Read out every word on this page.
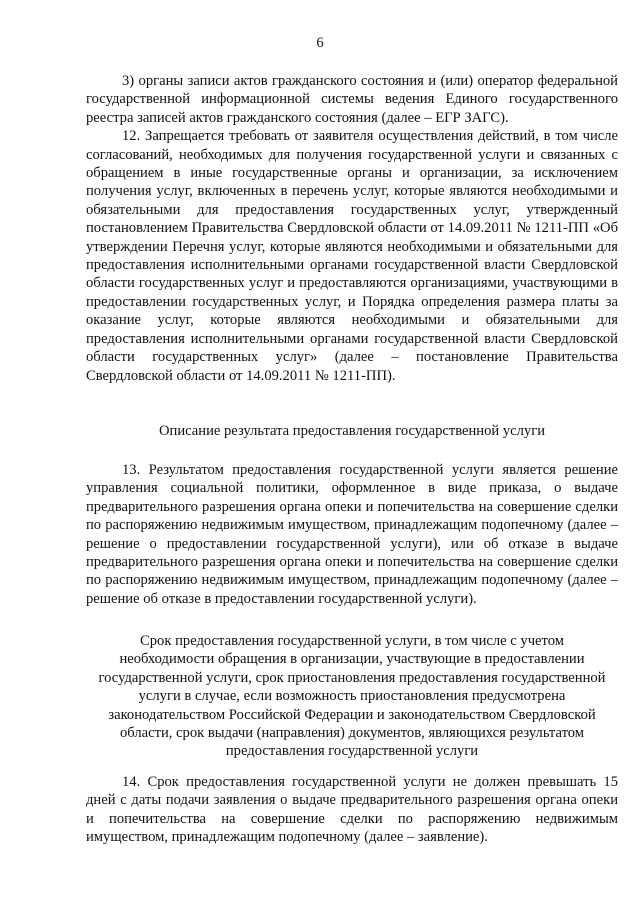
6

3) органы записи актов гражданского состояния и (или) оператор федеральной государственной информационной системы ведения Единого государственного реестра записей актов гражданского состояния (далее – ЕГР ЗАГС).

12. Запрещается требовать от заявителя осуществления действий, в том числе согласований, необходимых для получения государственной услуги и связанных с обращением в иные государственные органы и организации, за исключением получения услуг, включенных в перечень услуг, которые являются необходимыми и обязательными для предоставления государственных услуг, утвержденный постановлением Правительства Свердловской области от 14.09.2011 № 1211-ПП «Об утверждении Перечня услуг, которые являются необходимыми и обязательными для предоставления исполнительными органами государственной власти Свердловской области государственных услуг и предоставляются организациями, участвующими в предоставлении государственных услуг, и Порядка определения размера платы за оказание услуг, которые являются необходимыми и обязательными для предоставления исполнительными органами государственной власти Свердловской области государственных услуг» (далее – постановление Правительства Свердловской области от 14.09.2011 № 1211-ПП).

Описание результата предоставления государственной услуги

13. Результатом предоставления государственной услуги является решение управления социальной политики, оформленное в виде приказа, о выдаче предварительного разрешения органа опеки и попечительства на совершение сделки по распоряжению недвижимым имуществом, принадлежащим подопечному (далее – решение о предоставлении государственной услуги), или об отказе в выдаче предварительного разрешения органа опеки и попечительства на совершение сделки по распоряжению недвижимым имуществом, принадлежащим подопечному (далее – решение об отказе в предоставлении государственной услуги).

Срок предоставления государственной услуги, в том числе с учетом
необходимости обращения в организации, участвующие в предоставлении
государственной услуги, срок приостановления предоставления государственной
услуги в случае, если возможность приостановления предусмотрена
законодательством Российской Федерации и законодательством Свердловской
области, срок выдачи (направления) документов, являющихся результатом
предоставления государственной услуги

14. Срок предоставления государственной услуги не должен превышать 15 дней с даты подачи заявления о выдаче предварительного разрешения органа опеки и попечительства на совершение сделки по распоряжению недвижимым имуществом, принадлежащим подопечному (далее – заявление).
